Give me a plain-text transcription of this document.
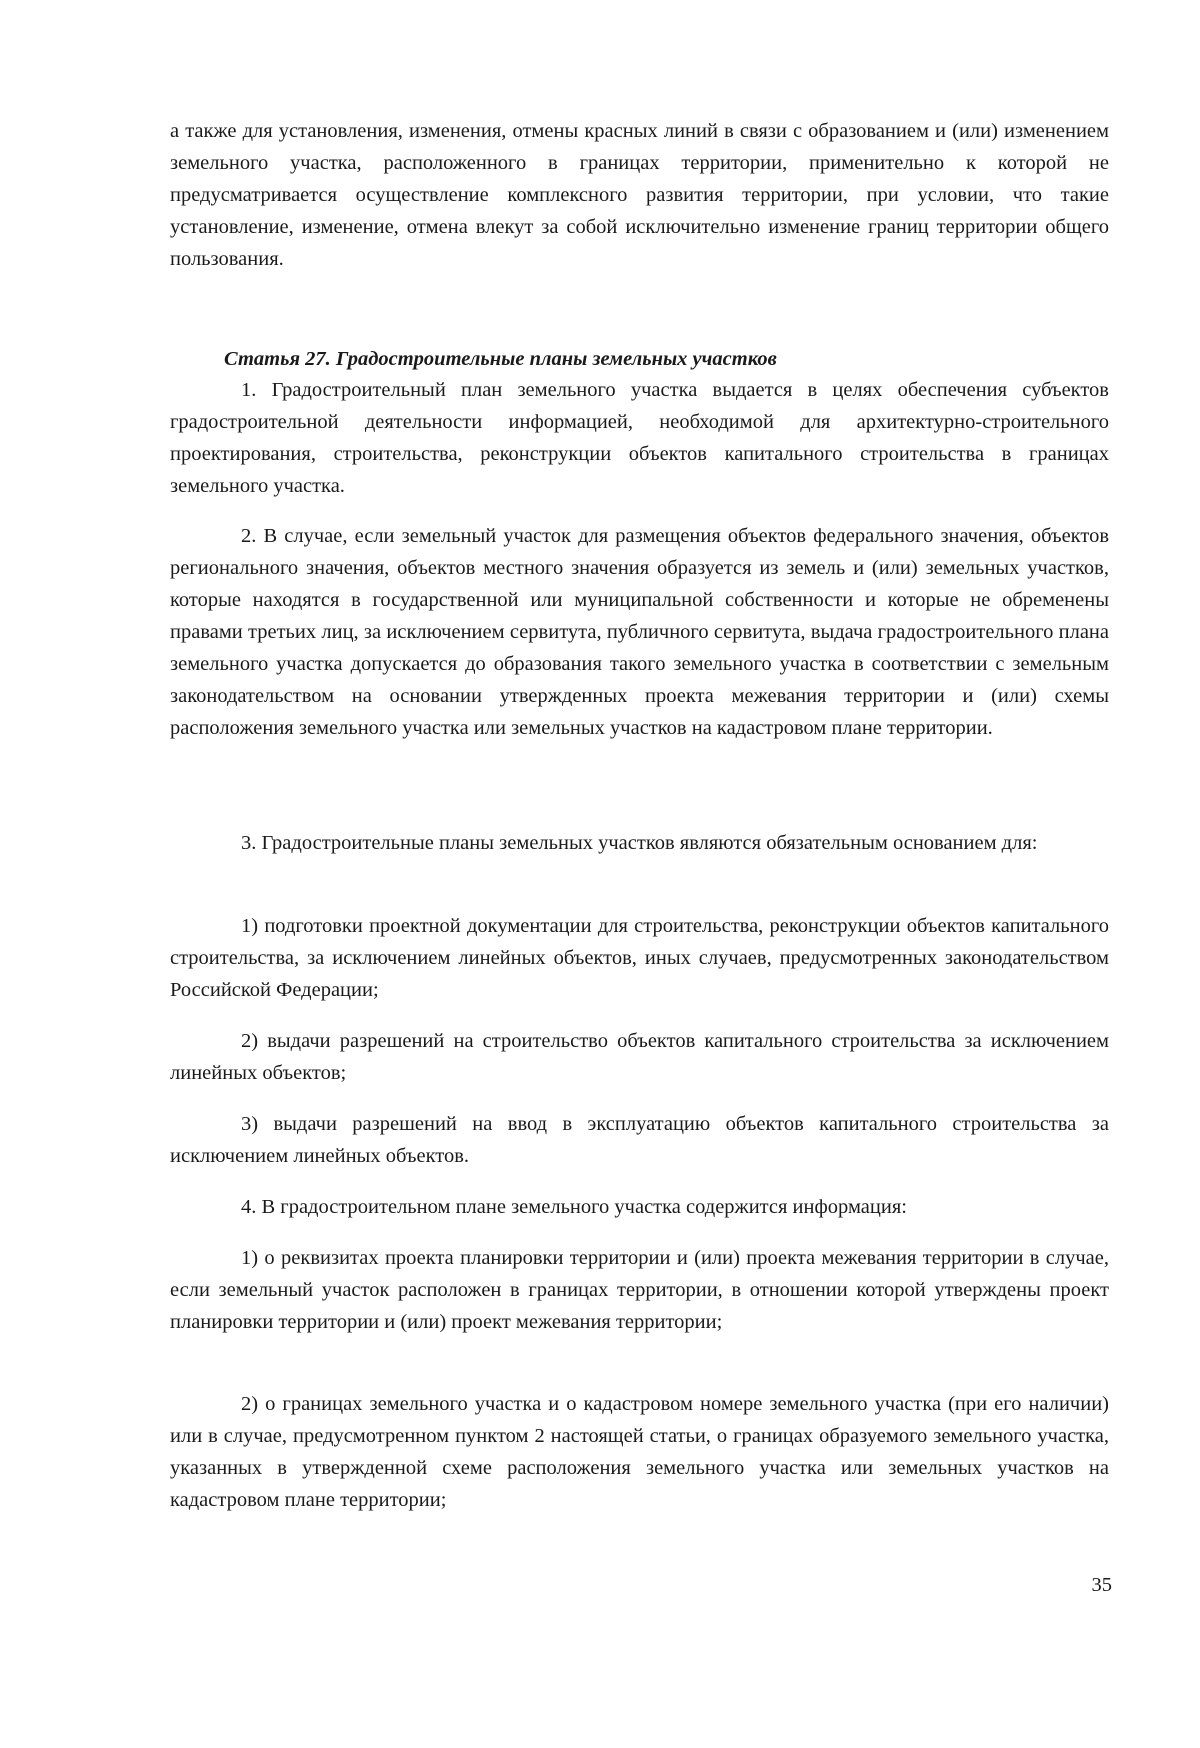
а также для установления, изменения, отмены красных линий в связи с образованием и (или) изменением земельного участка, расположенного в границах территории, применительно к которой не предусматривается осуществление комплексного развития территории, при условии, что такие установление, изменение, отмена влекут за собой исключительно изменение границ территории общего пользования.

Статья 27. Градостроительные планы земельных участков

1. Градостроительный план земельного участка выдается в целях обеспечения субъектов градостроительной деятельности информацией, необходимой для архитектурно-строительного проектирования, строительства, реконструкции объектов капитального строительства в границах земельного участка.

2. В случае, если земельный участок для размещения объектов федерального значения, объектов регионального значения, объектов местного значения образуется из земель и (или) земельных участков, которые находятся в государственной или муниципальной собственности и которые не обременены правами третьих лиц, за исключением сервитута, публичного сервитута, выдача градостроительного плана земельного участка допускается до образования такого земельного участка в соответствии с земельным законодательством на основании утвержденных проекта межевания территории и (или) схемы расположения земельного участка или земельных участков на кадастровом плане территории.

3. Градостроительные планы земельных участков являются обязательным основанием для:

1) подготовки проектной документации для строительства, реконструкции объектов капитального строительства, за исключением линейных объектов, иных случаев, предусмотренных законодательством Российской Федерации;

2) выдачи разрешений на строительство объектов капитального строительства за исключением линейных объектов;

3) выдачи разрешений на ввод в эксплуатацию объектов капитального строительства за исключением линейных объектов.

4. В градостроительном плане земельного участка содержится информация:

1) о реквизитах проекта планировки территории и (или) проекта межевания территории в случае, если земельный участок расположен в границах территории, в отношении которой утверждены проект планировки территории и (или) проект межевания территории;

2) о границах земельного участка и о кадастровом номере земельного участка (при его наличии) или в случае, предусмотренном пунктом 2 настоящей статьи, о границах образуемого земельного участка, указанных в утвержденной схеме расположения земельного участка или земельных участков на кадастровом плане территории;

35
